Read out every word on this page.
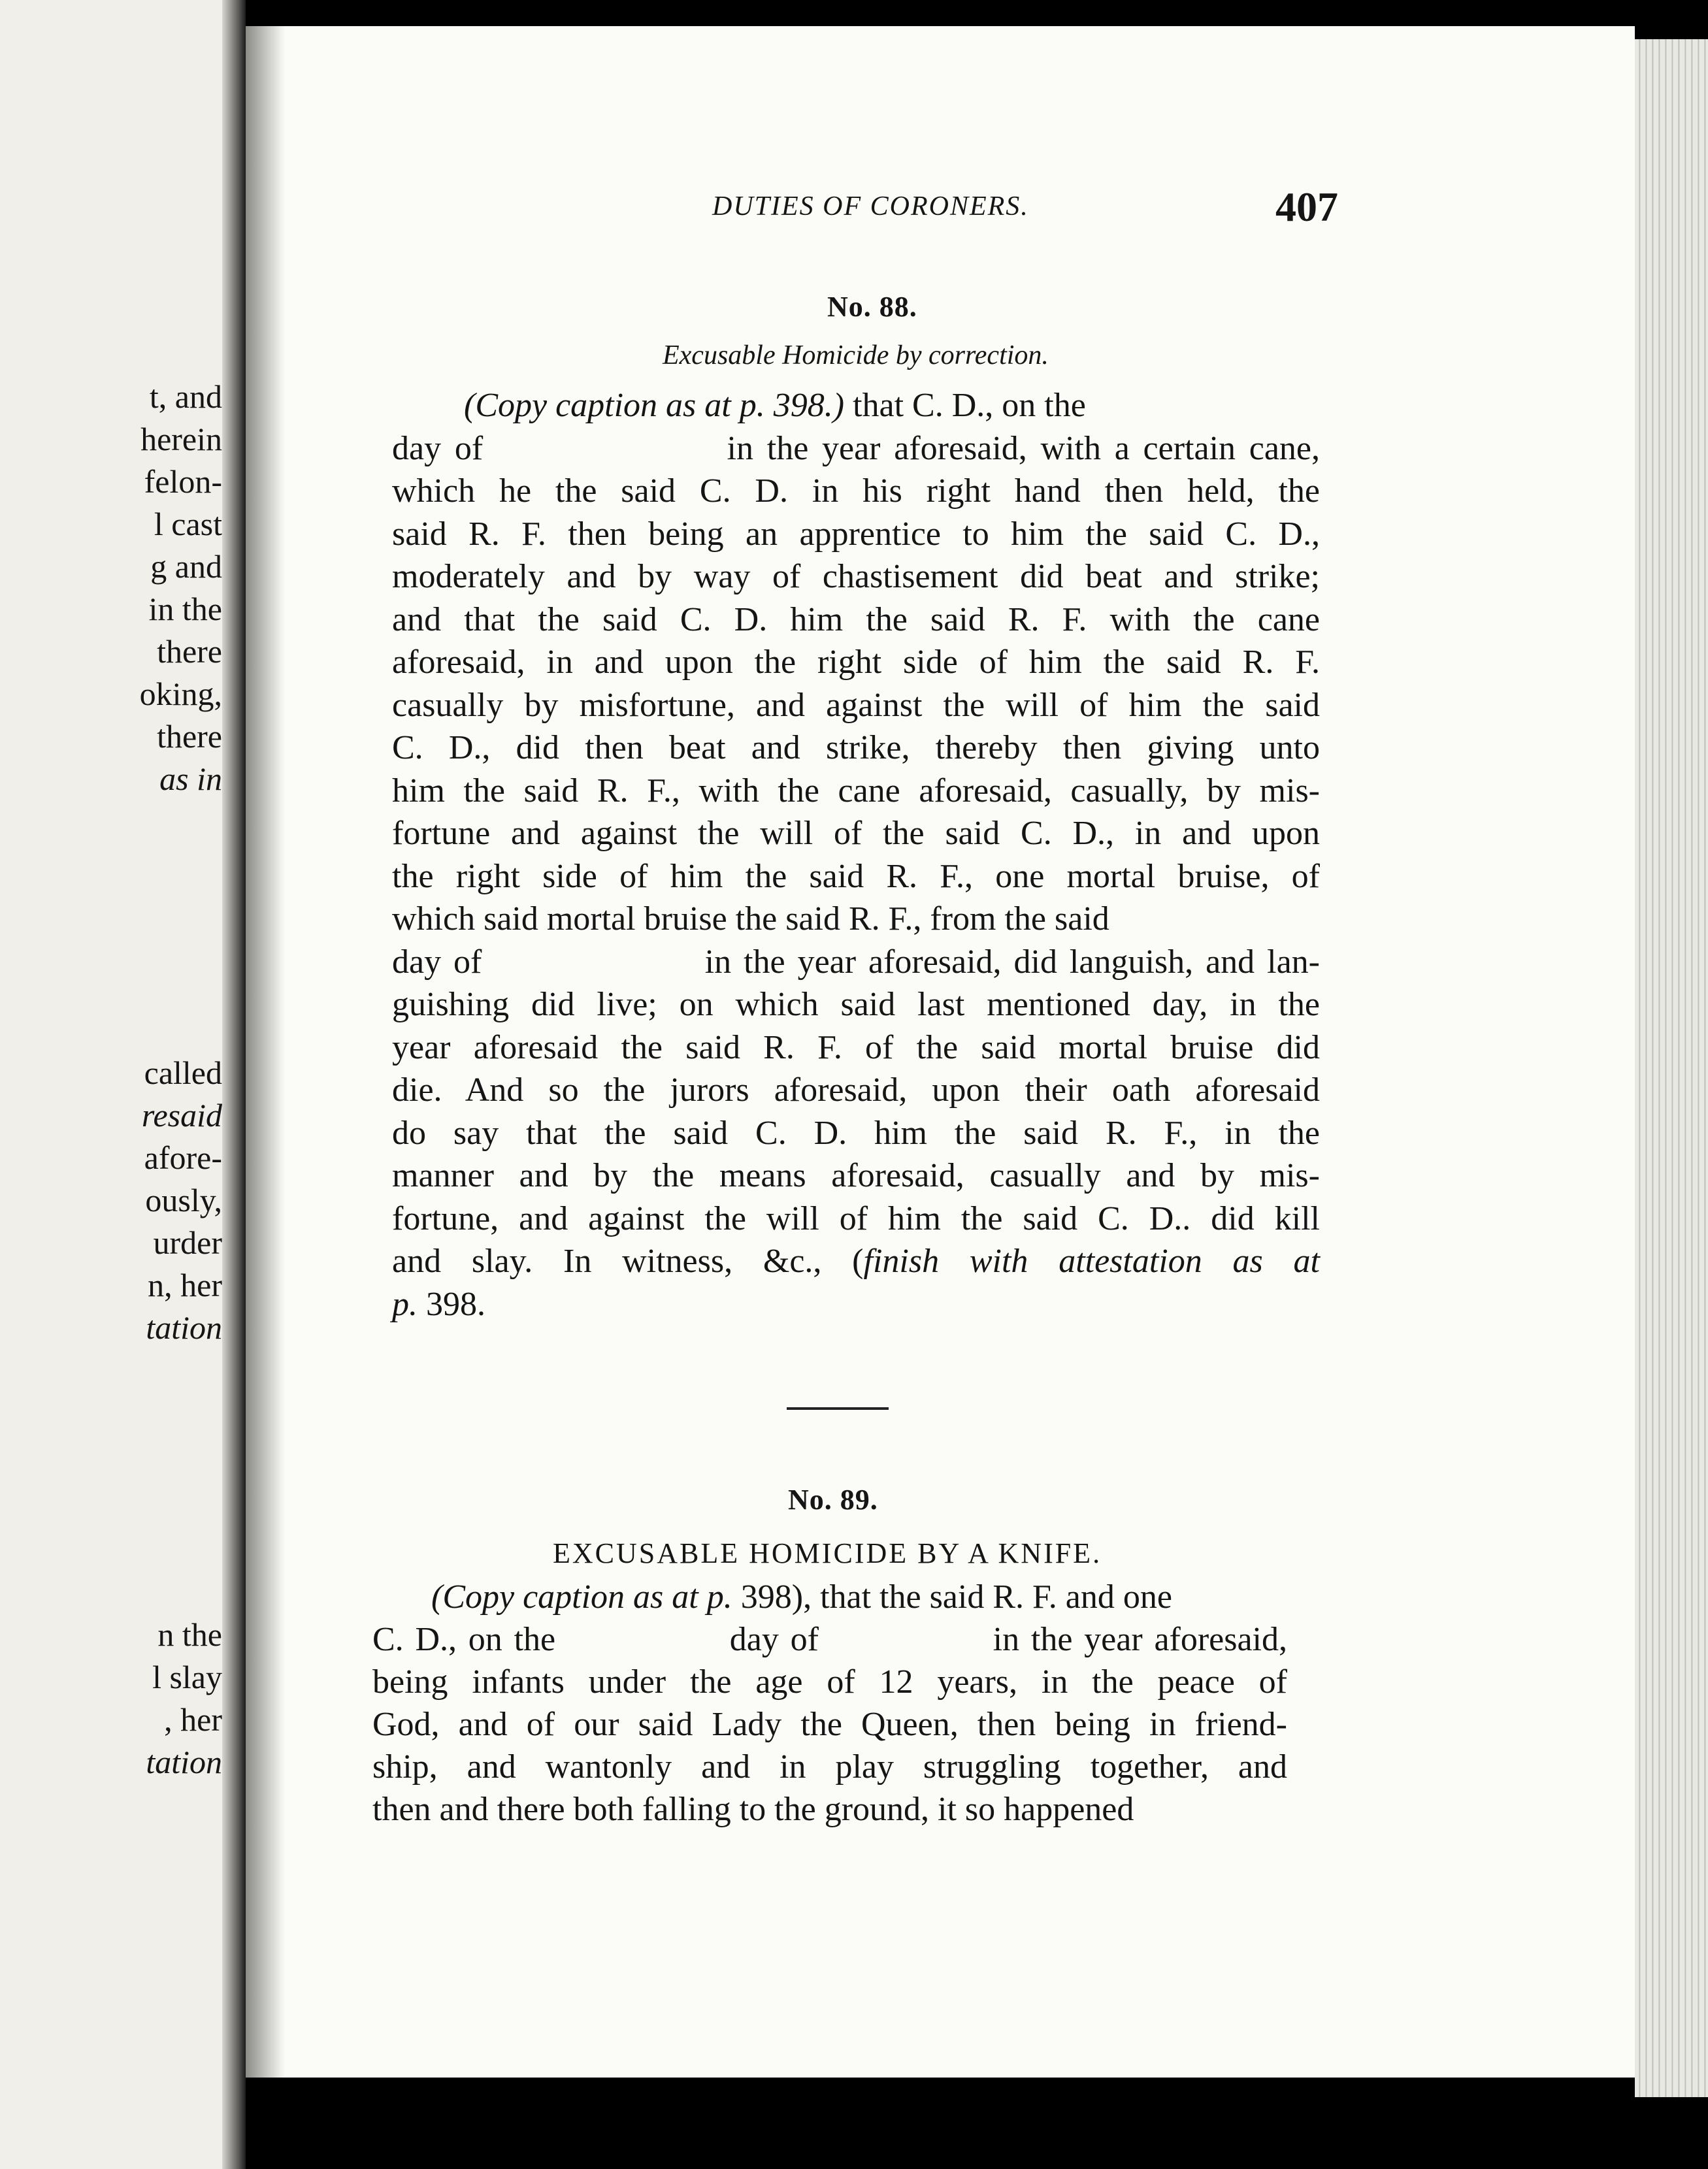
t, and
herein
felon-
l cast
g and
in the
there
oking,
there
as in
called
resaid
afore-
ously,
urder
n, her
tation
n the
l slay
, her
tation
DUTIES OF CORONERS.	407
No. 88.
Excusable Homicide by correction.
(Copy caption as at p. 398.) that C. D., on the
day of                  in the year aforesaid, with a certain cane,
which he the said C. D. in his right hand then held, the
said R. F. then being an apprentice to him the said C. D.,
moderately and by way of chastisement did beat and strike;
and that the said C. D. him the said R. F. with the cane
aforesaid, in and upon the right side of him the said R. F.
casually by misfortune, and against the will of him the said
C. D., did then beat and strike, thereby then giving unto
him the said R. F., with the cane aforesaid, casually, by mis-
fortune and against the will of the said C. D., in and upon
the right side of him the said R. F., one mortal bruise, of
which said mortal bruise the said R. F., from the said
day of                  in the year aforesaid, did languish, and lan-
guishing did live; on which said last mentioned day, in the
year aforesaid the said R. F. of the said mortal bruise did
die. And so the jurors aforesaid, upon their oath aforesaid
do say that the said C. D. him the said R. F., in the
manner and by the means aforesaid, casually and by mis-
fortune, and against the will of him the said C. D.. did kill
and slay. In witness, &c., (finish with attestation as at
p. 398.
No. 89.
EXCUSABLE HOMICIDE BY A KNIFE.
(Copy caption as at p. 398), that the said R. F. and one
C. D., on the               day of               in the year aforesaid,
being infants under the age of 12 years, in the peace of
God, and of our said Lady the Queen, then being in friend-
ship, and wantonly and in play struggling together, and
then and there both falling to the ground, it so happened
